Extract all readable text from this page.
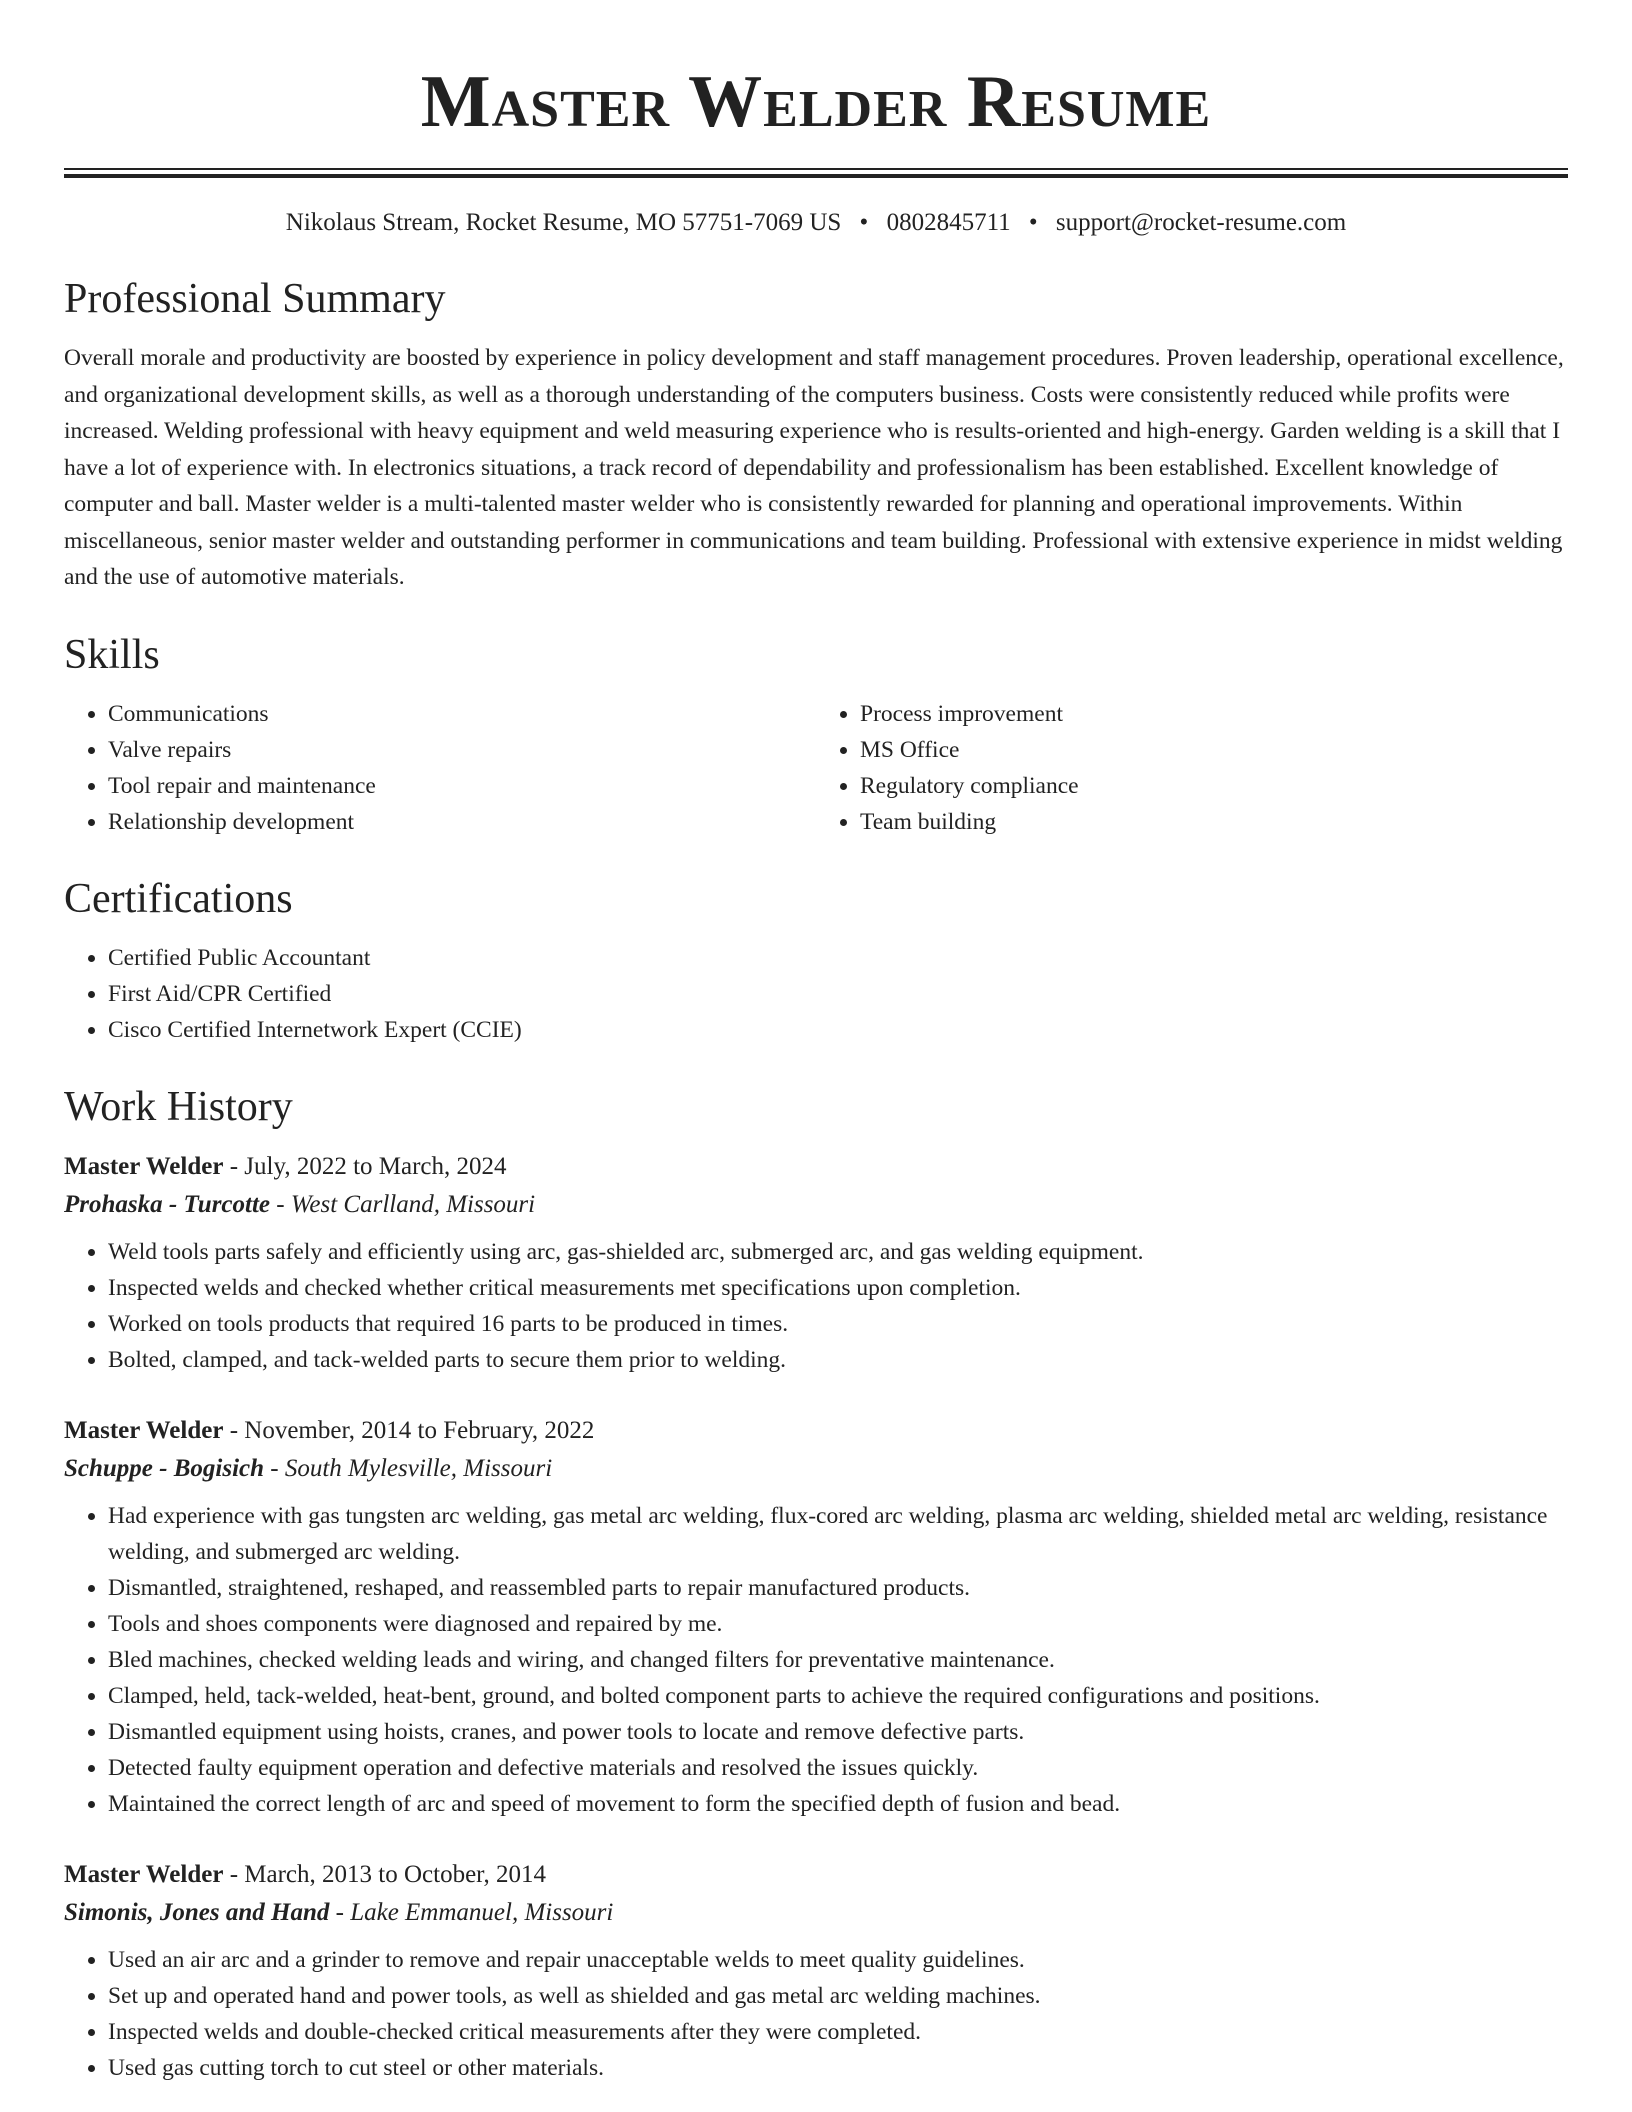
Master Welder Resume
Nikolaus Stream, Rocket Resume, MO 57751-7069 US • 0802845711 • support@rocket-resume.com
Professional Summary

Overall morale and productivity are boosted by experience in policy development and staff management procedures. Proven leadership, operational excellence, and organizational development skills, as well as a thorough understanding of the computers business. Costs were consistently reduced while profits were increased. Welding professional with heavy equipment and weld measuring experience who is results-oriented and high-energy. Garden welding is a skill that I have a lot of experience with. In electronics situations, a track record of dependability and professionalism has been established. Excellent knowledge of computer and ball. Master welder is a multi-talented master welder who is consistently rewarded for planning and operational improvements. Within miscellaneous, senior master welder and outstanding performer in communications and team building. Professional with extensive experience in midst welding and the use of automotive materials.

Skills
• Communications
• Valve repairs
• Tool repair and maintenance
• Relationship development
• Process improvement
• MS Office
• Regulatory compliance
• Team building
Certifications
• Certified Public Accountant
• First Aid/CPR Certified
• Cisco Certified Internetwork Expert (CCIE)
Work History
Master Welder - July, 2022 to March, 2024
Prohaska - Turcotte - West Carlland, Missouri
• Weld tools parts safely and efficiently using arc, gas-shielded arc, submerged arc, and gas welding equipment.
• Inspected welds and checked whether critical measurements met specifications upon completion.
• Worked on tools products that required 16 parts to be produced in times.
• Bolted, clamped, and tack-welded parts to secure them prior to welding.
Master Welder - November, 2014 to February, 2022
Schuppe - Bogisich - South Mylesville, Missouri
• Had experience with gas tungsten arc welding, gas metal arc welding, flux-cored arc welding, plasma arc welding, shielded metal arc welding, resistance welding, and submerged arc welding.
• Dismantled, straightened, reshaped, and reassembled parts to repair manufactured products.
• Tools and shoes components were diagnosed and repaired by me.
• Bled machines, checked welding leads and wiring, and changed filters for preventative maintenance.
• Clamped, held, tack-welded, heat-bent, ground, and bolted component parts to achieve the required configurations and positions.
• Dismantled equipment using hoists, cranes, and power tools to locate and remove defective parts.
• Detected faulty equipment operation and defective materials and resolved the issues quickly.
• Maintained the correct length of arc and speed of movement to form the specified depth of fusion and bead.
Master Welder - March, 2013 to October, 2014
Simonis, Jones and Hand - Lake Emmanuel, Missouri
• Used an air arc and a grinder to remove and repair unacceptable welds to meet quality guidelines.
• Set up and operated hand and power tools, as well as shielded and gas metal arc welding machines.
• Inspected welds and double-checked critical measurements after they were completed.
• Used gas cutting torch to cut steel or other materials.
